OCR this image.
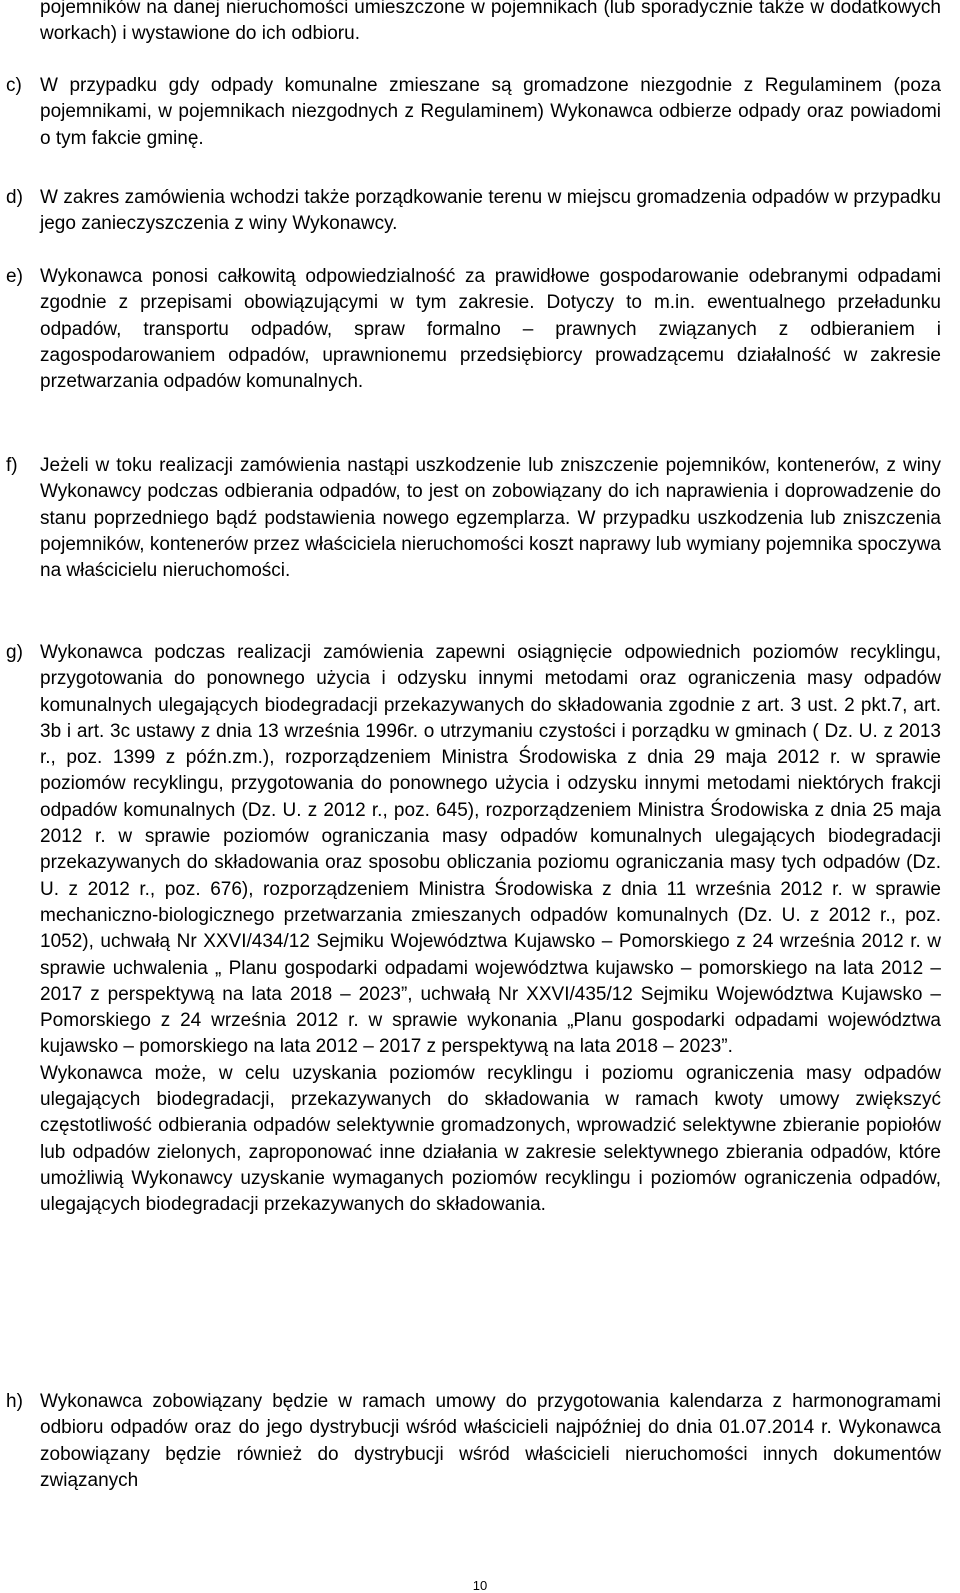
pojemników na danej nieruchomości umieszczone w pojemnikach (lub sporadycznie także w dodatkowych workach) i wystawione do ich odbioru.
c) W przypadku gdy odpady komunalne zmieszane są gromadzone niezgodnie z Regulaminem (poza pojemnikami, w pojemnikach niezgodnych z Regulaminem) Wykonawca odbierze odpady oraz powiadomi o tym fakcie gminę.
d) W zakres zamówienia wchodzi także porządkowanie terenu w miejscu gromadzenia odpadów w przypadku jego zanieczyszczenia z winy Wykonawcy.
e) Wykonawca ponosi całkowitą odpowiedzialność za prawidłowe gospodarowanie odebranymi odpadami zgodnie z przepisami obowiązującymi w tym zakresie. Dotyczy to m.in. ewentualnego przeładunku odpadów, transportu odpadów, spraw formalno – prawnych związanych z odbieraniem i zagospodarowaniem odpadów, uprawnionemu przedsiębiorcy prowadzącemu działalność w zakresie przetwarzania odpadów komunalnych.
f) Jeżeli w toku realizacji zamówienia nastąpi uszkodzenie lub zniszczenie pojemników, kontenerów, z winy Wykonawcy podczas odbierania odpadów, to jest on zobowiązany do ich naprawienia i doprowadzenie do stanu poprzedniego bądź podstawienia nowego egzemplarza. W przypadku uszkodzenia lub zniszczenia pojemników, kontenerów przez właściciela nieruchomości koszt naprawy lub wymiany pojemnika spoczywa na właścicielu nieruchomości.
g) Wykonawca podczas realizacji zamówienia zapewni osiągnięcie odpowiednich poziomów recyklingu, przygotowania do ponownego użycia i odzysku innymi metodami oraz ograniczenia masy odpadów komunalnych ulegających biodegradacji przekazywanych do składowania zgodnie z art. 3 ust. 2 pkt.7, art. 3b i art. 3c ustawy z dnia 13 września 1996r. o utrzymaniu czystości i porządku w gminach ( Dz. U. z 2013 r., poz. 1399 z późn.zm.), rozporządzeniem Ministra Środowiska z dnia 29 maja 2012 r. w sprawie poziomów recyklingu, przygotowania do ponownego użycia i odzysku innymi metodami niektórych frakcji odpadów komunalnych (Dz. U. z 2012 r., poz. 645), rozporządzeniem Ministra Środowiska z dnia 25 maja 2012 r. w sprawie poziomów ograniczania masy odpadów komunalnych ulegających biodegradacji przekazywanych do składowania oraz sposobu obliczania poziomu ograniczania masy tych odpadów (Dz. U. z 2012 r., poz. 676), rozporządzeniem Ministra Środowiska z dnia 11 września 2012 r. w sprawie mechaniczno-biologicznego przetwarzania zmieszanych odpadów komunalnych (Dz. U. z 2012 r., poz. 1052), uchwałą Nr XXVI/434/12 Sejmiku Województwa Kujawsko – Pomorskiego z 24 września 2012 r. w sprawie uchwalenia „ Planu gospodarki odpadami województwa kujawsko – pomorskiego na lata 2012 – 2017 z perspektywą na lata 2018 – 2023”, uchwałą Nr XXVI/435/12 Sejmiku Województwa Kujawsko – Pomorskiego z 24 września 2012 r. w sprawie wykonania „Planu gospodarki odpadami województwa kujawsko – pomorskiego na lata 2012 – 2017 z perspektywą na lata 2018 – 2023”.
Wykonawca może, w celu uzyskania poziomów recyklingu i poziomu ograniczenia masy odpadów ulegających biodegradacji, przekazywanych do składowania w ramach kwoty umowy zwiększyć częstotliwość odbierania odpadów selektywnie gromadzonych, wprowadzić selektywne zbieranie popiołów lub odpadów zielonych, zaproponować inne działania w zakresie selektywnego zbierania odpadów, które umożliwią Wykonawcy uzyskanie wymaganych poziomów recyklingu i poziomów ograniczenia odpadów, ulegających biodegradacji przekazywanych do składowania.
h) Wykonawca zobowiązany będzie w ramach umowy do przygotowania kalendarza z harmonogramami odbioru odpadów oraz do jego dystrybucji wśród właścicieli najpóźniej do dnia 01.07.2014 r. Wykonawca zobowiązany będzie również do dystrybucji wśród właścicieli nieruchomości innych dokumentów związanych
10
